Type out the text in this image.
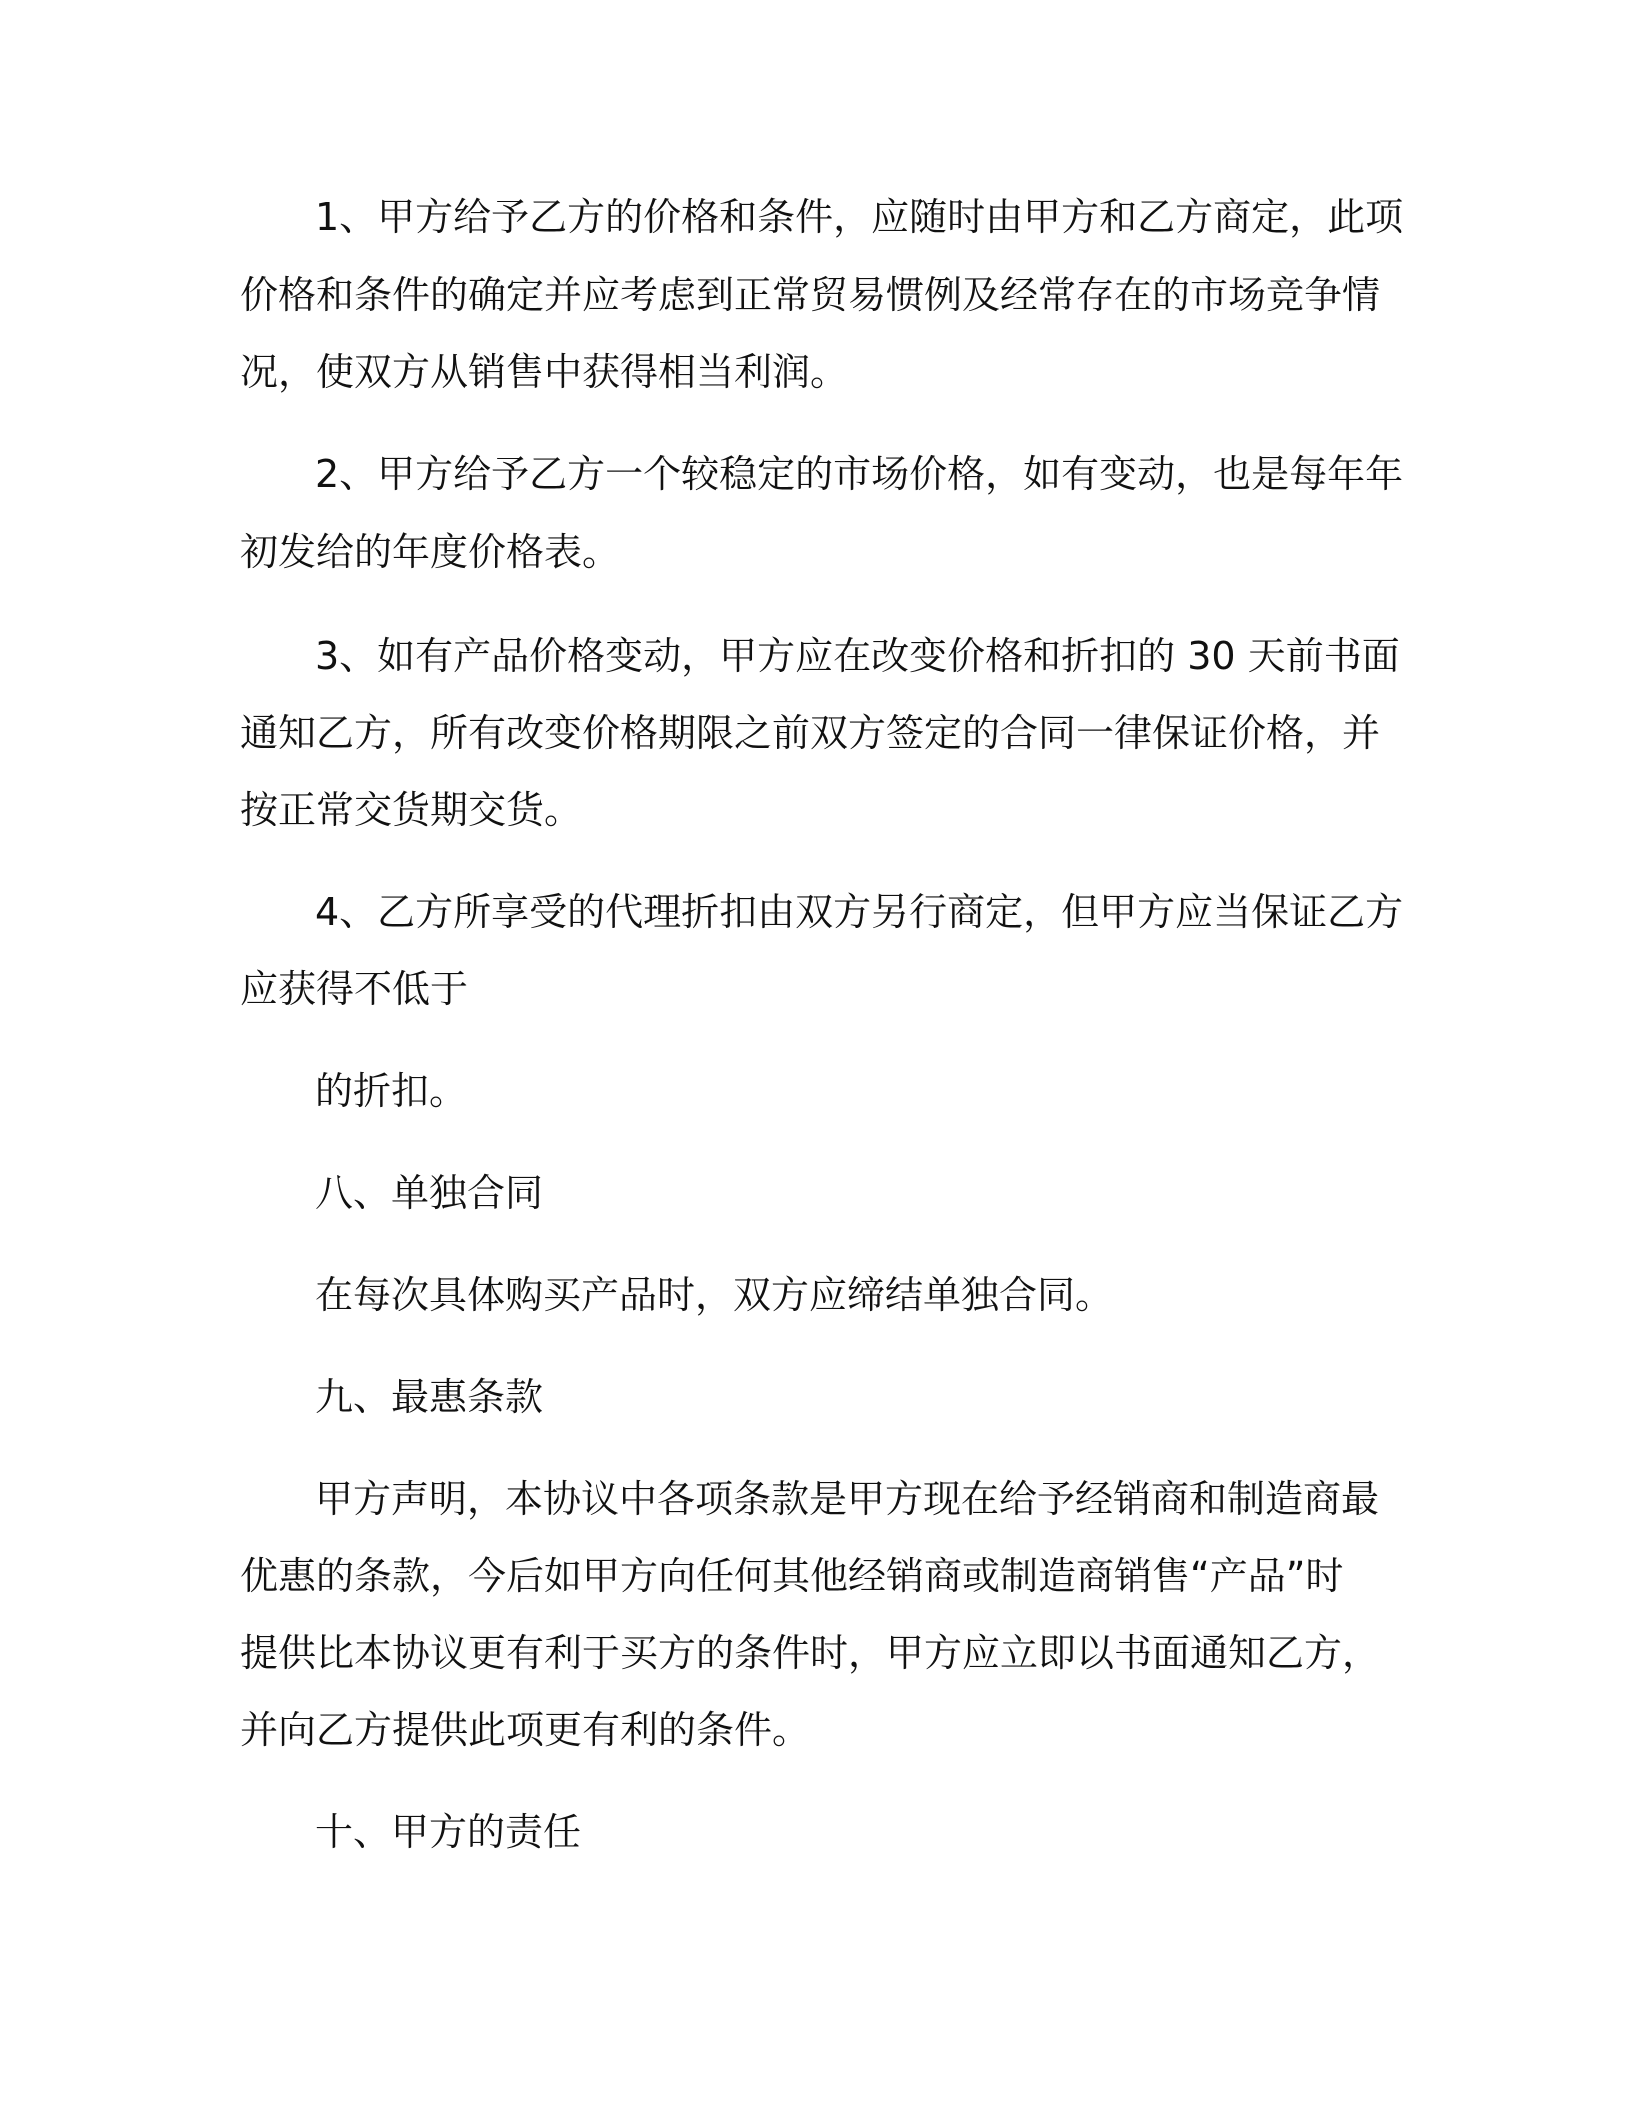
1、甲方给予乙方的价格和条件，应随时由甲方和乙方商定，此项
价格和条件的确定并应考虑到正常贸易惯例及经常存在的市场竞争情
况，使双方从销售中获得相当利润。
2、甲方给予乙方一个较稳定的市场价格，如有变动，也是每年年
初发给的年度价格表。
3、如有产品价格变动，甲方应在改变价格和折扣的 30 天前书面
通知乙方，所有改变价格期限之前双方签定的合同一律保证价格，并
按正常交货期交货。
4、乙方所享受的代理折扣由双方另行商定，但甲方应当保证乙方
应获得不低于
的折扣。
八、单独合同
在每次具体购买产品时，双方应缔结单独合同。
九、最惠条款
甲方声明，本协议中各项条款是甲方现在给予经销商和制造商最
优惠的条款，今后如甲方向任何其他经销商或制造商销售“产品”时
提供比本协议更有利于买方的条件时，甲方应立即以书面通知乙方，
并向乙方提供此项更有利的条件。
十、甲方的责任
